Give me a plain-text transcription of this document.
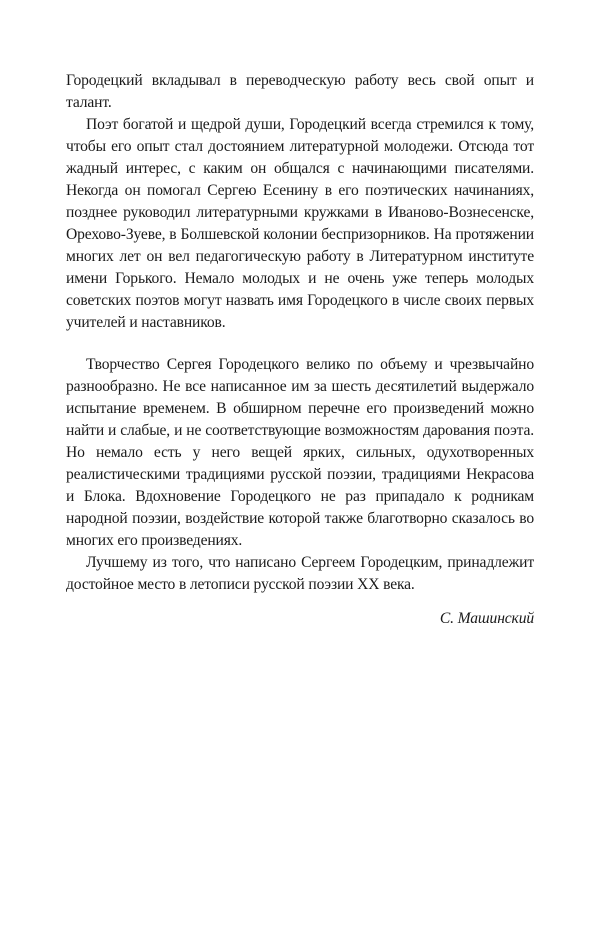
Городецкий вкладывал в переводческую работу весь свой опыт и талант.

Поэт богатой и щедрой души, Городецкий всегда стремился к тому, чтобы его опыт стал достоянием литературной молодежи. Отсюда тот жадный интерес, с каким он общался с начинающими писателями. Некогда он помогал Сергею Есенину в его поэтических начинаниях, позднее руководил литературными кружками в Иваново-Вознесенске, Орехово-Зуеве, в Болшевской колонии беспризорников. На протяжении многих лет он вел педагогическую работу в Литературном институте имени Горького. Немало молодых и не очень уже теперь молодых советских поэтов могут назвать имя Городецкого в числе своих первых учителей и наставников.

Творчество Сергея Городецкого велико по объему и чрезвычайно разнообразно. Не все написанное им за шесть десятилетий выдержало испытание временем. В обширном перечне его произведений можно найти и слабые, и не соответствующие возможностям дарования поэта. Но немало есть у него вещей ярких, сильных, одухотворенных реалистическими традициями русской поэзии, традициями Некрасова и Блока. Вдохновение Городецкого не раз припадало к родникам народной поэзии, воздействие которой также благотворно сказалось во многих его произведениях.

Лучшему из того, что написано Сергеем Городецким, принадлежит достойное место в летописи русской поэзии XX века.

С. Машинский
